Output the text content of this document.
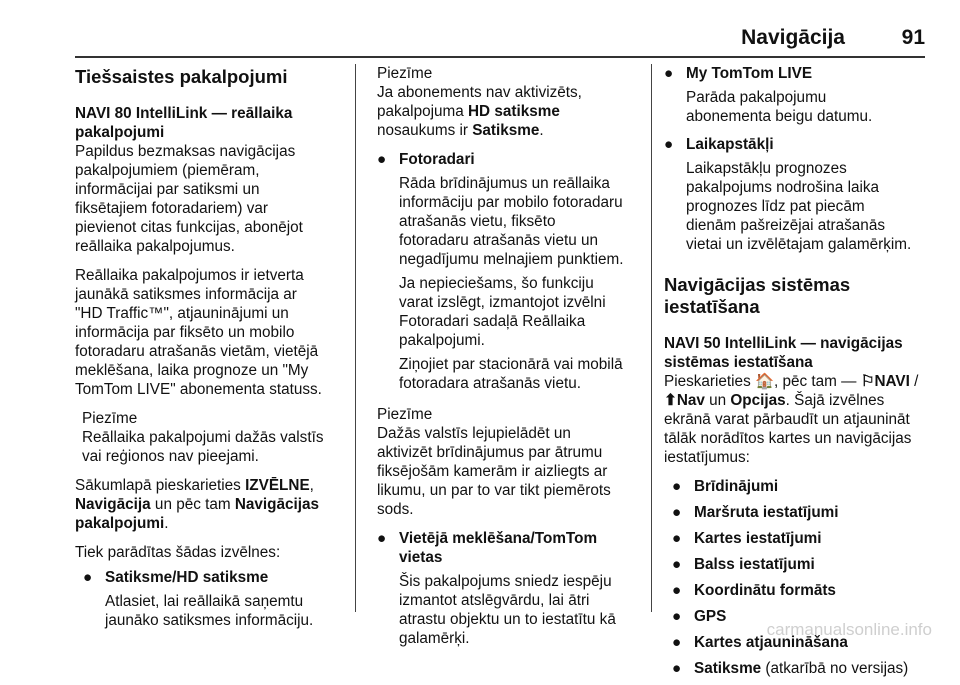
Navigācija	91
Tiešsaistes pakalpojumi

NAVI 80 IntelliLink — reāllaika
pakalpojumi

Papildus bezmaksas navigācijas
pakalpojumiem (piemēram,
informācijai par satiksmi un
fiksētajiem fotoradariem) var
pievienot citas funkcijas, abonējot
reāllaika pakalpojumus.

Reāllaika pakalpojumos ir ietverta
jaunākā satiksmes informācija ar
"HD Traffic™", atjauninājumi un
informācija par fiksēto un mobilo
fotoradaru atrašanās vietām, vietējā
meklēšana, laika prognoze un "My
TomTom LIVE" abonementa statuss.

Piezīme

Reāllaika pakalpojumi dažās valstīs
vai reģionos nav pieejami.

Sākumlapā pieskarieties IZVĒLNE,
Navigācija un pēc tam Navigācijas
pakalpojumi.

Tiek parādītas šādas izvēlnes:

● Satiksme/HD satiksme

Atlasiet, lai reāllaikā saņemtu
jaunāko satiksmes informāciju.

Piezīme

Ja abonements nav aktivizēts,
pakalpojuma HD satiksme
nosaukums ir Satiksme.

● Fotoradari

Rāda brīdinājumus un reāllaika
informāciju par mobilo fotoradaru
atrašanās vietu, fiksēto
fotoradaru atrašanās vietu un
negadījumu melnajiem punktiem.

Ja nepieciešams, šo funkciju
varat izslēgt, izmantojot izvēlni
Fotoradari sadaļā Reāllaika
pakalpojumi.

Ziņojiet par stacionārā vai mobilā
fotoradara atrašanās vietu.

Piezīme

Dažās valstīs lejupielādēt un
aktivizēt brīdinājumus par ātrumu
fiksējošām kamerām ir aizliegts ar
likumu, un par to var tikt piemērots
sods.

● Vietējā meklēšana/TomTom
vietas

Šis pakalpojums sniedz iespēju
izmantot atslēgvārdu, lai ātri
atrastu objektu un to iestatītu kā
galamērķi.

● My TomTom LIVE

Parāda pakalpojumu
abonementa beigu datumu.

● Laikapstākļi

Laikapstākļu prognozes
pakalpojums nodrošina laika
prognozes līdz pat piecām
dienām pašreizējai atrašanās
vietai un izvēlētajam galamērķim.

Navigācijas sistēmas iestatīšana

NAVI 50 IntelliLink — navigācijas
sistēmas iestatīšana

Pieskarieties 🏠, pēc tam — ⚐NAVI /
⬆Nav un Opcijas. Šajā izvēlnes
ekrānā varat pārbaudīt un atjaunināt
tālāk norādītos kartes un navigācijas
iestatījumus:

● Brīdinājumi
● Maršruta iestatījumi
● Kartes iestatījumi
● Balss iestatījumi
● Koordinātu formāts
● GPS
● Kartes atjaunināšana
● Satiksme (atkarībā no versijas)
carmanualsonline.info
